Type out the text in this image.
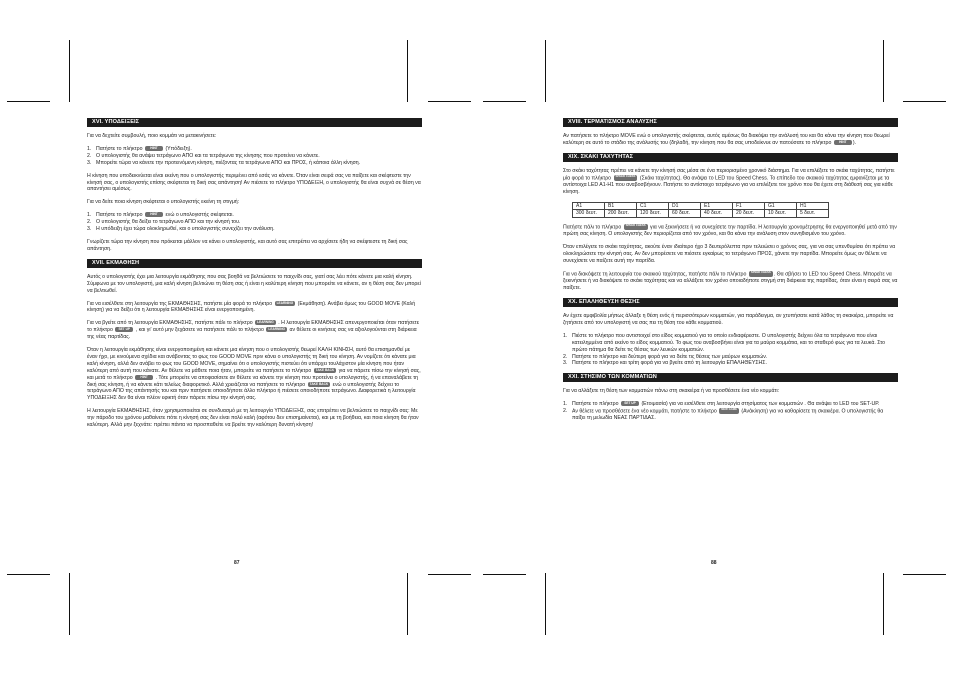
XVI. ΥΠΟΔΕΙΞΕΙΣ

Για να δεχτείτε συμβουλή, ποιο κομμάτι να μετακινήσετε:

1. Πατήστε το πλήκτρο HINT (Υπόδειξη).
2. Ο υπολογιστής θα ανάψει τετράγωνο ΑΠΟ και τα τετράγωνα της κίνησης που προτείνει να κάνετε.
3. Μπορείτε τώρα να κάνετε την προτεινόμενη κίνηση, πιέζοντας τα τετράγωνα ΑΠΟ και ΠΡΟΣ, ή κάποια άλλη κίνηση.

Η κίνηση που υποδεικνύεται είναι εκείνη που ο υπολογιστής περιμένει από εσάς να κάνετε. Όταν είναι σειρά σας να παίξετε και σκέφτεστε την κίνησή σας, ο υπολογιστής επίσης σκέφτεται τη δική σας απάντηση! Αν πιέσετε το πλήκτρο ΥΠΟΔΕΙΞΗ, ο υπολογιστής θα είναι συχνά σε θέση να απαντήσει αμέσως.

Για να δείτε ποια κίνηση σκέφτεται ο υπολογιστής εκείνη τη στιγμή:

1. Πατήστε το πλήκτρο HINT ενώ ο υπολογιστής σκέφτεται.
2. Ο υπολογιστής θα δείξει το τετράγωνο ΑΠΟ και την κίνησή του.
3. Η υπόδειξη έχει τώρα ολοκληρωθεί, και ο υπολογιστής συνεχίζει την ανάλυση.

Γνωρίζετε τώρα την κίνηση που πρόκειται μάλλον να κάνει ο υπολογιστής, και αυτό σας επιτρέπει να αρχίσετε ήδη να σκέφτεστε τη δική σας απάντηση.

XVII. ΕΚΜΑΘΗΣΗ

Αυτός ο υπολογιστής έχει μια λειτουργία εκμάθησης που σας βοηθά να βελτιώσετε το παιχνίδι σας, γιατί σας λέει πότε κάνετε μια καλή κίνηση. Σύμφωνα με τον υπολογιστή, μια καλή κίνηση βελτιώνει τη θέση σας ή είναι η καλύτερη κίνηση που μπορείτε να κάνετε, αν η θέση σας δεν μπορεί να βελτιωθεί.

Για να εισέλθετε στη λειτουργία της ΕΚΜΑΘΗΣΗΣ, πατήστε μία φορά το πλήκτρο LEARNING (Εκμάθηση). Ανάβει όμως του GOOD MOVE (Καλή κίνηση) για να δείξει ότι η λειτουργία ΕΚΜΑΘΗΣΗΣ είναι ενεργοποιημένη.

Για να βγείτε από τη λειτουργία ΕΚΜΑΘΗΣΗΣ, πατήστε πάλι το πλήκτρο LEARNING . Η λειτουργία ΕΚΜΑΘΗΣΗΣ απενεργοποιείται όταν πατήσετε το πλήκτρο SET UP , και γι' αυτό μην ξεχάσετε να πατήσετε πάλι το πλήκτρο LEARNING αν θέλετε οι κινήσεις σας να αξιολογούνται στη διάρκεια της νέας παρτίδας.

Όταν η λειτουργία εκμάθησης είναι ενεργοποιημένη και κάνετε μια κίνηση που ο υπολογιστής θεωρεί ΚΑΛΗ ΚΙΝΗΣΗ, αυτό θα επισημανθεί με έναν ήχο, με κινούμενα σχέδια και ανάβοντας το φως του GOOD MOVE πριν κάνει ο υπολογιστής τη δική του κίνηση. Αν νομίζετε ότι κάνατε μια καλή κίνηση, αλλά δεν ανάβει το φως του GOOD MOVE, σημαίνει ότι ο υπολογιστής πιστεύει ότι υπάρχει τουλάχιστον μία κίνηση που ήταν καλύτερη από αυτή που κάνατε. Αν θέλετε να μάθετε ποια ήταν, μπορείτε να πατήσετε το πλήκτρο TAKE BACK για να πάρετε πίσω την κίνησή σας, και μετά το πλήκτρο HINT . Τότε μπορείτε να αποφασίσετε αν θέλετε να κάνετε την κίνηση που προτείνει ο υπολογιστής, ή να επαναλάβετε τη δική σας κίνηση, ή να κάνετε κάτι τελείως διαφορετικό. Αλλά χρειάζεται να πατήσετε το πλήκτρο TAKE BACK ενώ ο υπολογιστής δείχνει το τετράγωνο ΑΠΟ της απάντησής του και πριν πατήσετε οποιοδήποτε άλλο πλήκτρο ή πιέσετε οποιοδήποτε τετράγωνο. Διαφορετικά η λειτουργία ΥΠΟΔΕΙΞΗΣ δεν θα είναι πλέον εφικτή όταν πάρετε πίσω την κίνησή σας.

Η λειτουργία ΕΚΜΑΘΗΣΗΣ, όταν χρησιμοποιείται σε συνδυασμό με τη λειτουργία ΥΠΟΔΕΙΞΗΣ, σας επιτρέπει να βελτιώσετε το παιχνίδι σας: Με την πάροδο του χρόνου μαθαίνετε πότε η κίνησή σας δεν είναι πολύ καλή (αφότου δεν επισημαίνεται), και με τη βοήθεια, και ποια κίνηση θα ήταν καλύτερη. Αλλά μην ξεχνάτε: πρέπει πάντα να προσπαθείτε να βρείτε την καλύτερη δυνατή κίνηση!

87
XVIII. ΤΕΡΜΑΤΙΣΜΟΣ ΑΝΑΛΥΣΗΣ

Αν πατήσετε το πλήκτρο MOVE ενώ ο υπολογιστής σκέφτεται, αυτός αμέσως θα διακόψει την ανάλυσή του και θα κάνει την κίνηση που θεωρεί καλύτερη σε αυτό το στάδιο της ανάλυσής του (δηλαδή, την κίνηση που θα σας υποδείκνυε αν πατούσατε το πλήκτρο HINT ).

XIX. ΣΚΑΚΙ ΤΑΧΥΤΗΤΑΣ

Στο σκάκι ταχύτητας πρέπει να κάνετε την κίνησή σας μέσα σε ένα περιορισμένο χρονικό διάστημα. Για να επιλέξετε το σκάκι ταχύτητας, πατήστε μία φορά το πλήκτρο SPEED CHESS (Σκάκι ταχύτητας). Θα ανάψει το LED του Speed Chess. Το επίπεδο του σκακιού ταχύτητας εμφανίζεται με τα αντίστοιχα LED A1-H1 που αναβοσβήνουν. Πατήστε το αντίστοιχο τετράγωνο για να επιλέξετε τον χρόνο που θα έχετε στη διάθεσή σας για κάθε κίνηση.

A1	B1	C1	D1	E1	F1	G1	H1
300 δευτ.	200 δευτ.	120 δευτ.	60 δευτ.	40 δευτ.	20 δευτ.	10 δευτ.	5 δευτ.

Πατήστε πάλι το πλήκτρο SPEED CHESS για να ξεκινήσετε ή να συνεχίσετε την παρτίδα. Η λειτουργία χρονομέτρησης θα ενεργοποιηθεί μετά από την πρώτη σας κίνηση. Ο υπολογιστής δεν περιορίζεται από τον χρόνο, και θα κάνει την ανάλυση στον συνηθισμένο του χρόνο.

Όταν επιλέγετε το σκάκι ταχύτητας, ακούτε έναν ιδιαίτερο ήχο 3 δευτερόλεπτα πριν τελειώσει ο χρόνος σας, για να σας υπενθυμίσει ότι πρέπει να ολοκληρώσετε την κίνησή σας. Αν δεν μπορέσετε να πιέσετε εγκαίρως το τετράγωνο ΠΡΟΣ, χάνετε την παρτίδα. Μπορείτε όμως αν θέλετε να συνεχίσετε να παίζετε αυτή την παρτίδα.

Για να διακόψετε τη λειτουργία του σκακιού ταχύτητας, πατήστε πάλι το πλήκτρο SPEED CHESS . Θα σβήσει το LED του Speed Chess. Μπορείτε να ξεκινήσετε ή να διακόψετε το σκάκι ταχύτητας και να αλλάξετε τον χρόνο οποιαδήποτε στιγμή στη διάρκεια της παρτίδας, όταν είναι η σειρά σας να παίξετε.

XX. ΕΠΑΛΗΘΕΥΣΗ ΘΕΣΗΣ

Αν έχετε αμφιβολία μήπως άλλαξε η θέση ενός ή περισσότερων κομματιών, για παράδειγμα, αν χτυπήσατε κατά λάθος τη σκακιέρα, μπορείτε να ζητήσετε από τον υπολογιστή να σας πει τη θέση του κάθε κομματιού.

1. Πιέστε το πλήκτρο που αντιστοιχεί στο είδος κομματιού για το οποίο ενδιαφέρεστε. Ο υπολογιστής δείχνει όλα τα τετράγωνα που είναι κατειλημμένα από εκείνο το είδος κομματιού. Το φως του αναβοσβήνει είναι για τα μαύρα κομμάτια, και το σταθερό φως για τα λευκά. Στο πρώτο πάτημα θα δείτε τις θέσεις των λευκών κομματιών.
2. Πατήστε το πλήκτρο και δεύτερη φορά για να δείτε τις θέσεις των μαύρων κομματιών.
3. Πατήστε το πλήκτρο και τρίτη φορά για να βγείτε από τη λειτουργία ΕΠΑΛΗΘΕΥΣΗΣ.
XXI. ΣΤΗΣΙΜΟ ΤΩΝ ΚΟΜΜΑΤΙΩΝ

Για να αλλάξετε τη θέση των κομματιών πάνω στη σκακιέρα ή να προσθέσετε ένα νέο κομμάτι:

1. Πατήστε το πλήκτρο SET UP (Ετοιμασία) για να εισέλθετε στη λειτουργία στησίματος των κομματιών . Θα ανάψει το LED του SET-UP.
2. Αν θέλετε να προσθέσετε ένα νέο κομμάτι, πατήστε το πλήκτρο NEW GAME (Ανάκληση) για να καθαρίσετε τη σκακιέρα. Ο υπολογιστής θα παίξει τη μελωδία ΝΕΑΣ ΠΑΡΤΙΔΑΣ.
88
